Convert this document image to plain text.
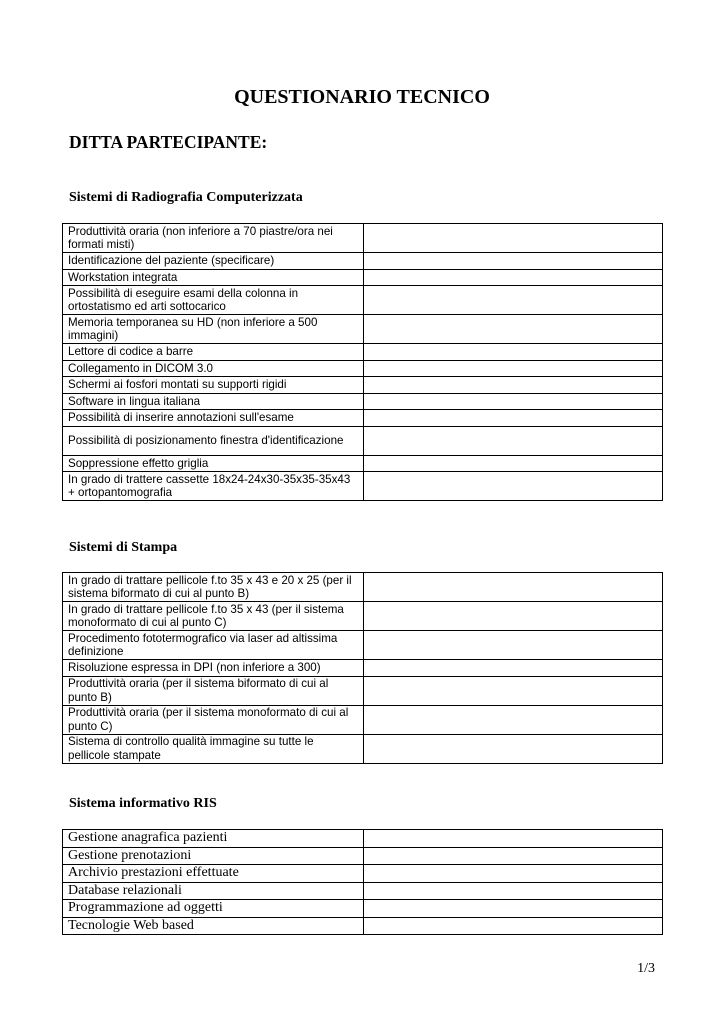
QUESTIONARIO TECNICO
DITTA PARTECIPANTE:
Sistemi di Radiografia Computerizzata
Produttività oraria (non inferiore a 70 piastre/ora nei formati misti)	
Identificazione del paziente (specificare)	
Workstation integrata	
Possibilità di eseguire esami della colonna in ortostatismo ed arti sottocarico	
Memoria temporanea su HD (non inferiore a 500 immagini)	
Lettore di codice a barre	
Collegamento in DICOM 3.0	
Schermi ai fosfori montati su supporti rigidi	
Software in lingua italiana	
Possibilità di inserire annotazioni sull'esame	
Possibilità di posizionamento finestra d'identificazione	
Soppressione effetto griglia	
In grado di trattere cassette 18x24-24x30-35x35-35x43 + ortopantomografia	
Sistemi di Stampa
In grado di trattare pellicole f.to 35 x 43 e 20 x 25 (per il sistema biformato di cui al punto B)	
In grado di trattare pellicole f.to 35 x 43 (per il sistema monoformato di cui al punto C)	
Procedimento fototermografico via laser ad altissima definizione	
Risoluzione espressa in DPI (non inferiore a 300)	
Produttività oraria (per il sistema biformato di cui al punto B)	
Produttività oraria (per il sistema monoformato di cui al punto C)	
Sistema di controllo qualità immagine su tutte le pellicole stampate	
Sistema informativo RIS
Gestione anagrafica pazienti	
Gestione prenotazioni	
Archivio prestazioni effettuate	
Database relazionali	
Programmazione ad oggetti	
Tecnologie Web based	
1/3
